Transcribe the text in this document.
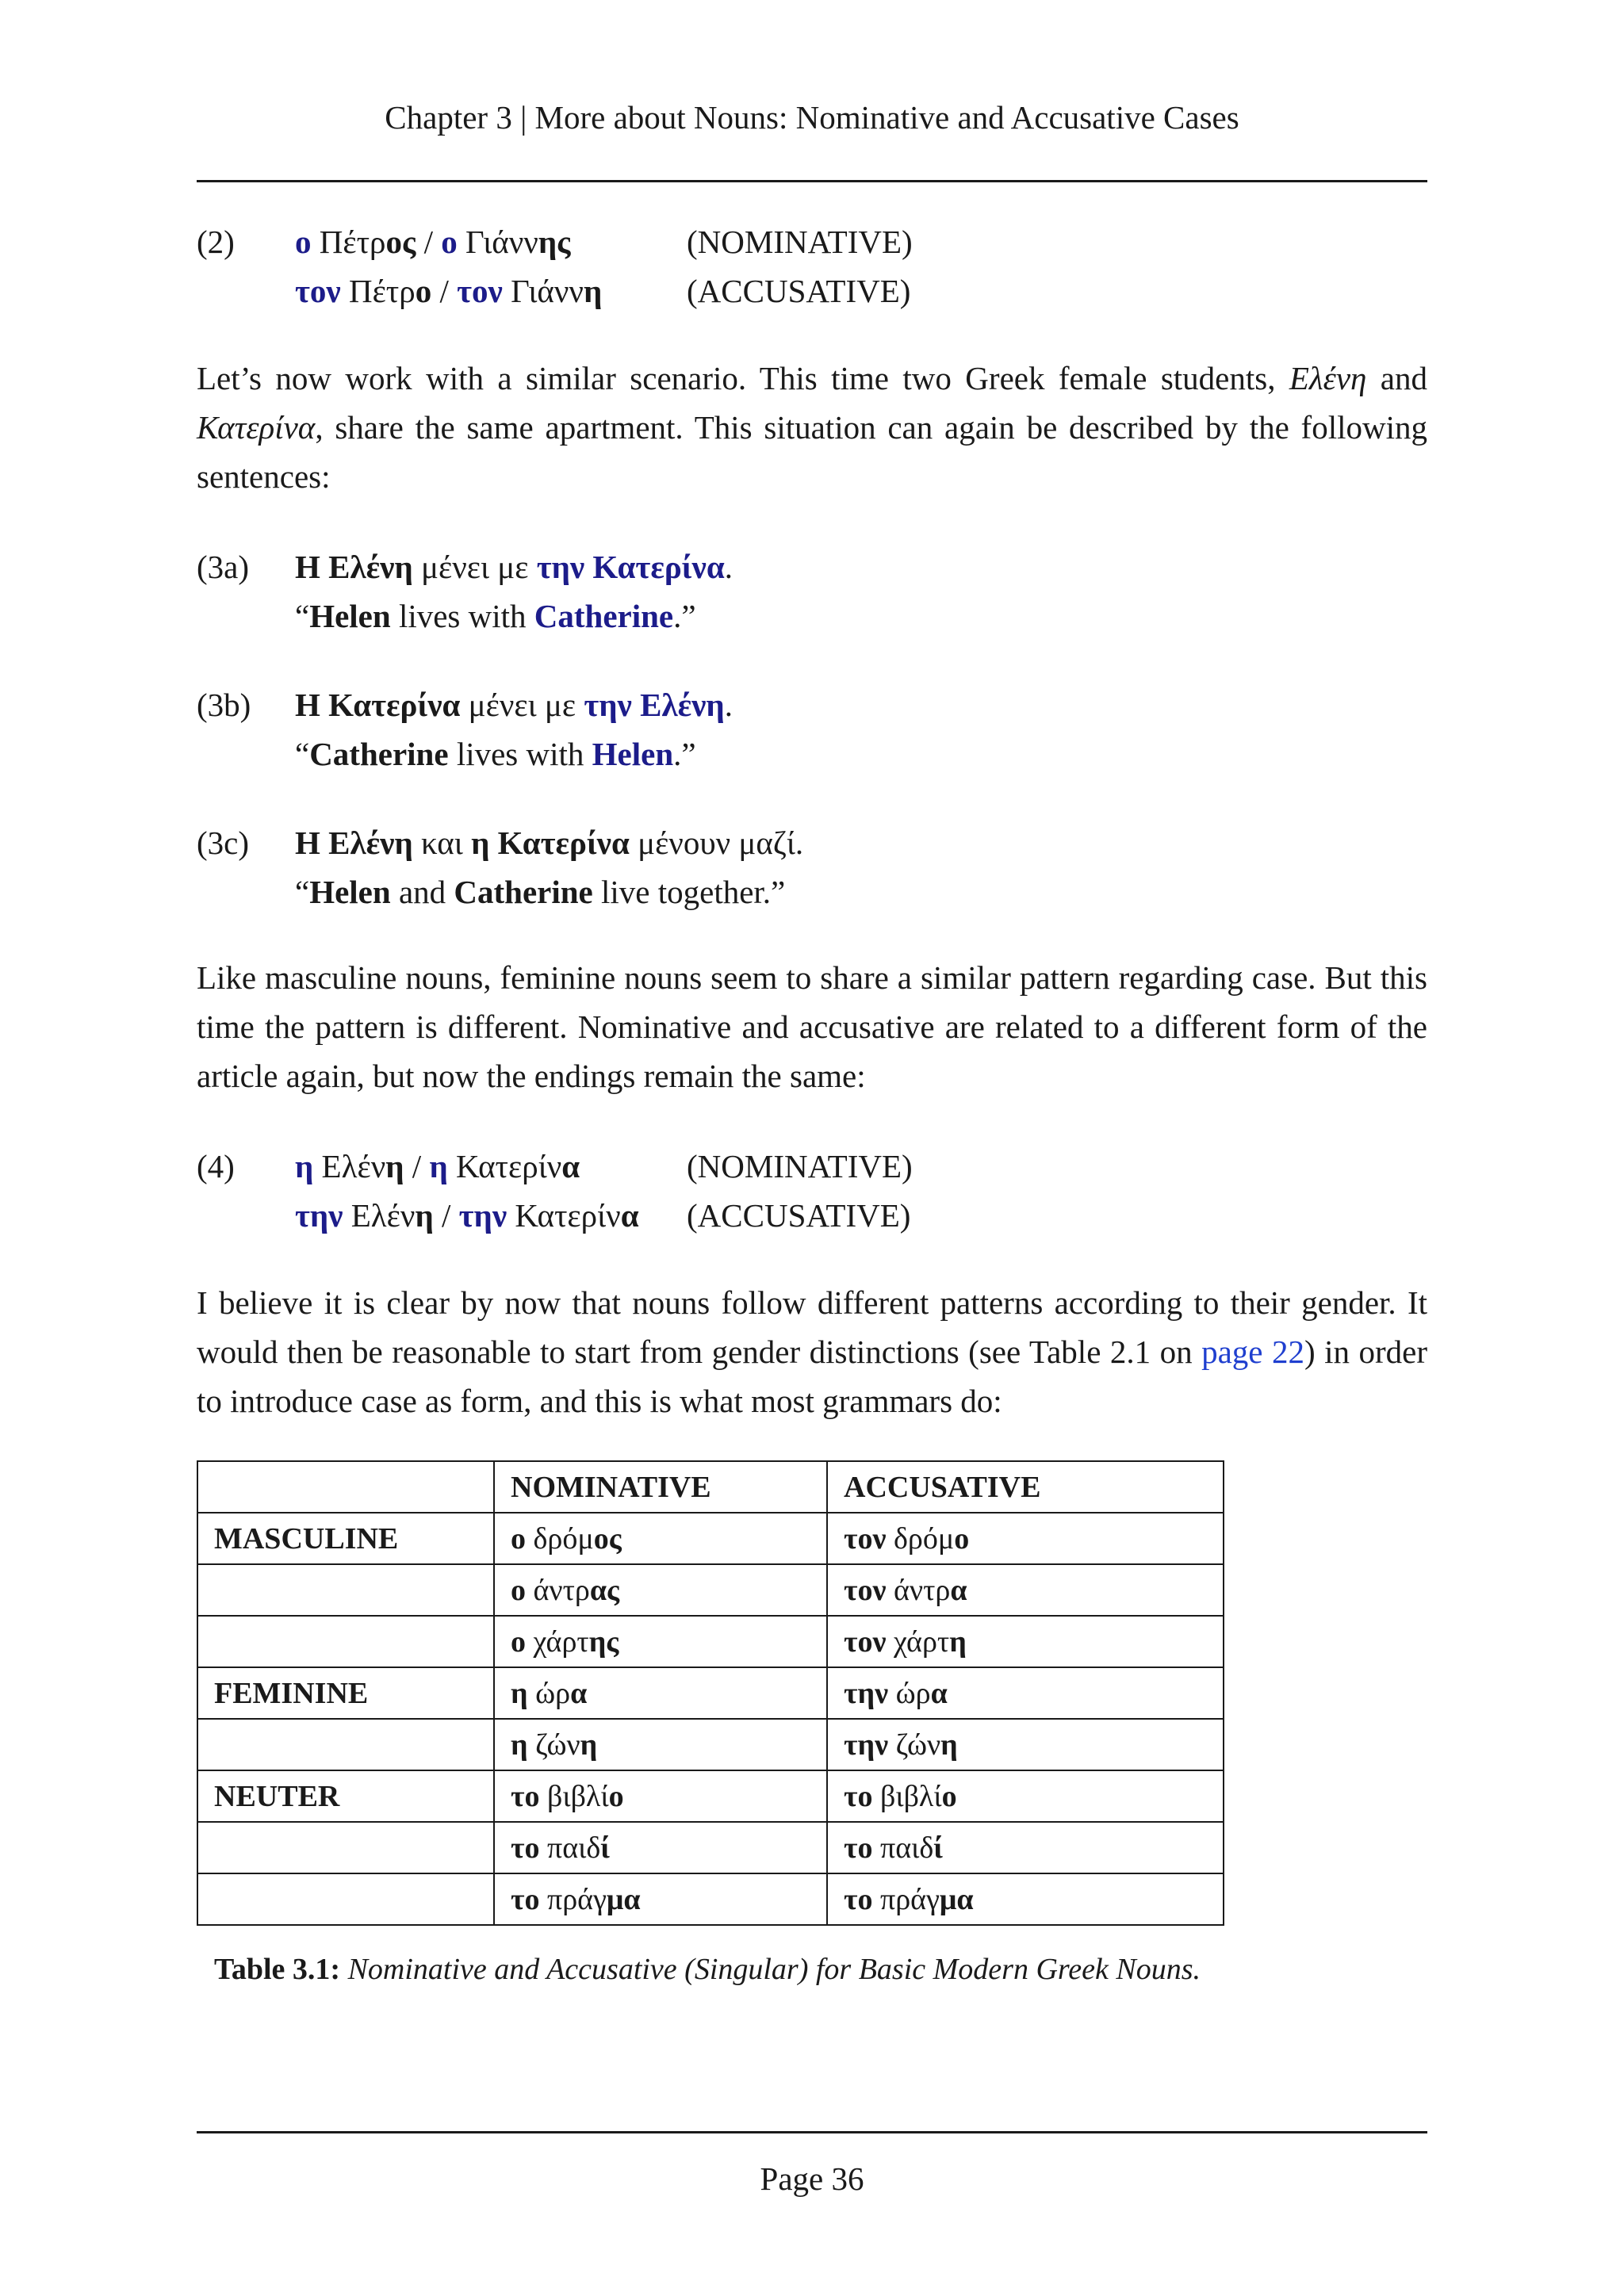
Chapter 3 | More about Nouns: Nominative and Accusative Cases
(2) ο Πέτρος / ο Γιάννης	(NOMINATIVE)
τον Πέτρο / τον Γιάννη	(ACCUSATIVE)

Let’s now work with a similar scenario. This time two Greek female students, Ελένη and Κατερίνα, share the same apartment. This situation can again be described by the following sentences:

(3a) Η Ελένη μένει με την Κατερίνα.
“Helen lives with Catherine.”
(3b) Η Κατερίνα μένει με την Ελένη.
“Catherine lives with Helen.”
(3c) Η Ελένη και η Κατερίνα μένουν μαζί.
“Helen and Catherine live together.”

Like masculine nouns, feminine nouns seem to share a similar pattern regarding case. But this time the pattern is different. Nominative and accusative are related to a different form of the article again, but now the endings remain the same:

(4) η Ελένη / η Κατερίνα	(NOMINATIVE)
την Ελένη / την Κατερίνα (ACCUSATIVE)

I believe it is clear by now that nouns follow different patterns according to their gender. It would then be reasonable to start from gender distinctions (see Table 2.1 on page 22) in order to introduce case as form, and this is what most grammars do:

	NOMINATIVE	ACCUSATIVE
MASCULINE	ο δρόμος	τον δρόμο
	ο άντρας	τον άντρα
	ο χάρτης	τον χάρτη
FEMININE	η ώρα	την ώρα
	η ζώνη	την ζώνη
NEUTER	το βιβλίο	το βιβλίο
	το παιδί	το παιδί
	το πράγμα	το πράγμα
Table 3.1: Nominative and Accusative (Singular) for Basic Modern Greek Nouns.
Page 36
